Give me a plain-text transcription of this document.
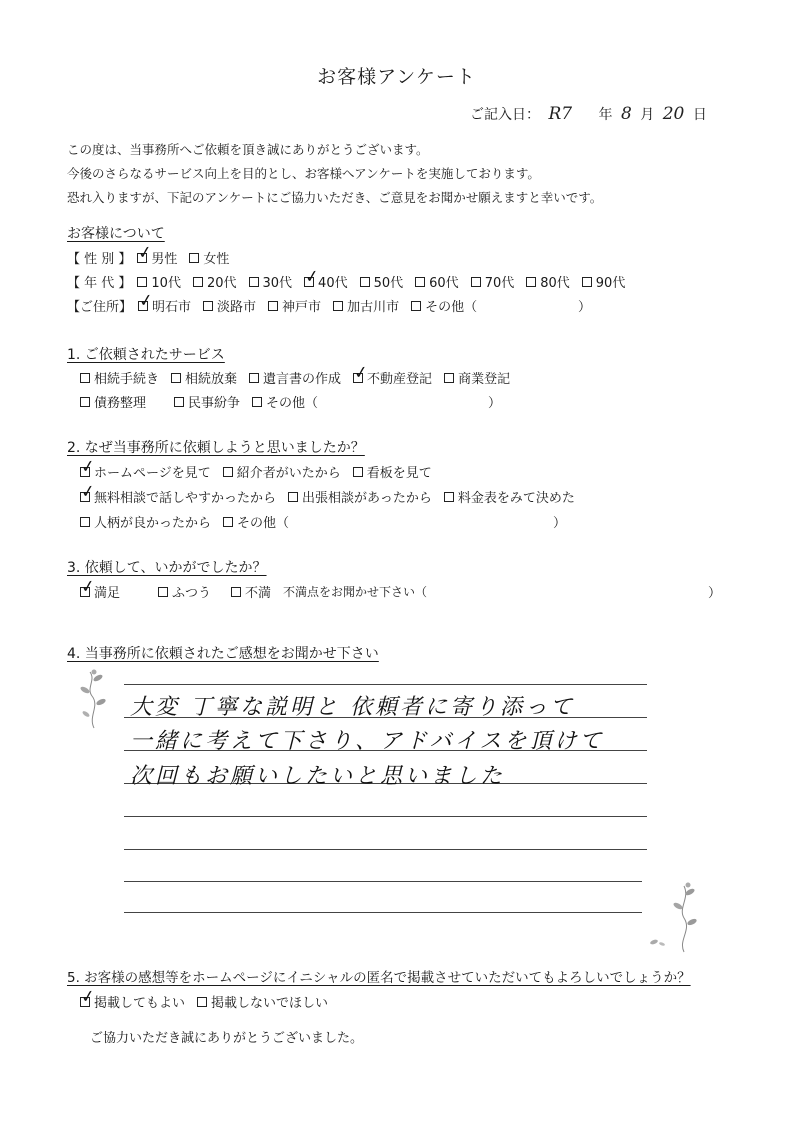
お客様アンケート
ご記入日： R7 年 8 月 20 日
この度は、当事務所へご依頼を頂き誠にありがとうございます。
今後のさらなるサービス向上を目的とし、お客様へアンケートを実施しております。
恐れ入りますが、下記のアンケートにご協力いただき、ご意見をお聞かせ願えますと幸いです。
お客様について
【 性 別 】 ✓
男性 女性
【 年 代 】 10代 20代 30代 ✓
40代 50代 60代 70代 80代 90代
【ご住所】 ✓
明石市 淡路市 神戸市 加古川市 その他（	）
1. ご依頼されたサービス
相続手続き 相続放棄 遺言書の作成 ✓
不動産登記 商業登記
債務整理	民事紛争 その他（	）
2. なぜ当事務所に依頼しようと思いましたか？
✓
ホームページを見て 紹介者がいたから 看板を見て
✓
無料相談で話しやすかったから 出張相談があったから 料金表をみて決めた
人柄が良かったから その他（	）
3. 依頼して、いかがでしたか？
✓
満足	ふつう	不満 不満点をお聞かせ下さい（	）
4. 当事務所に依頼されたご感想をお聞かせ下さい
大変 丁寧な説明と 依頼者に寄り添って
一緒に考えて下さり、アドバイスを頂けて
次回もお願いしたいと思いました
5. お客様の感想等をホームページにイニシャルの匿名で掲載させていただいてもよろしいでしょうか？
✓
掲載してもよい 掲載しないでほしい
ご協力いただき誠にありがとうございました。
